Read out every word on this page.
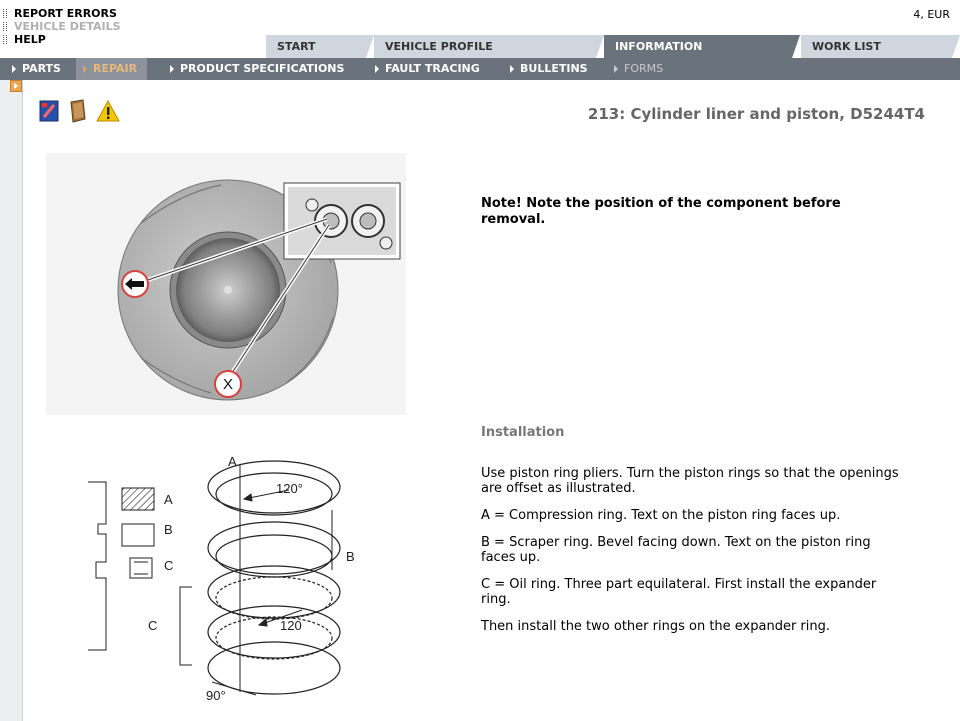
REPORT ERRORS
VEHICLE DETAILS
HELP
4, EUR
START	VEHICLE PROFILE	INFORMATION	WORK LIST
PARTS	REPAIR	PRODUCT SPECIFICATIONS	FAULT TRACING	BULLETINS	FORMS
213: Cylinder liner and piston, D5244T4
X
A
B
C
A
B
C
120°
120
90°
Note! Note the position of the component before removal.
Installation

Use piston ring pliers. Turn the piston rings so that the openings are offset as illustrated.

A = Compression ring. Text on the piston ring faces up.

B = Scraper ring. Bevel facing down. Text on the piston ring faces up.

C = Oil ring. Three part equilateral. First install the expander ring.

Then install the two other rings on the expander ring.
